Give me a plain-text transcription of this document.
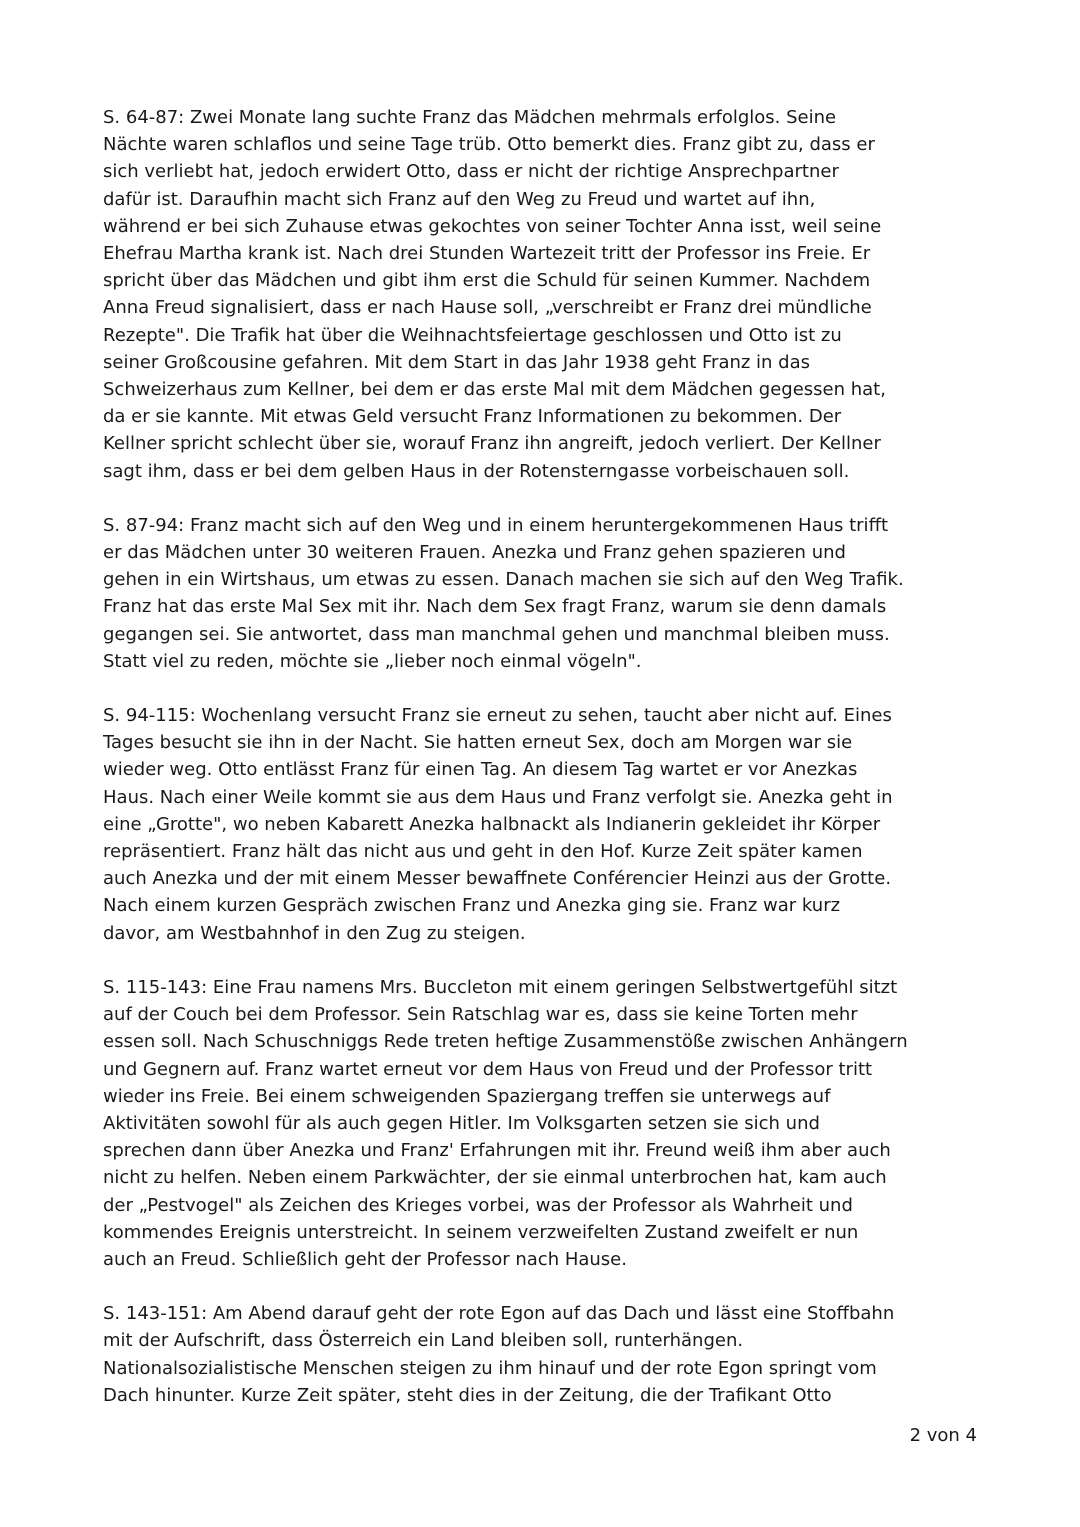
S. 64-87: Zwei Monate lang suchte Franz das Mädchen mehrmals erfolglos. Seine
Nächte waren schlaflos und seine Tage trüb. Otto bemerkt dies. Franz gibt zu, dass er
sich verliebt hat, jedoch erwidert Otto, dass er nicht der richtige Ansprechpartner
dafür ist. Daraufhin macht sich Franz auf den Weg zu Freud und wartet auf ihn,
während er bei sich Zuhause etwas gekochtes von seiner Tochter Anna isst, weil seine
Ehefrau Martha krank ist. Nach drei Stunden Wartezeit tritt der Professor ins Freie. Er
spricht über das Mädchen und gibt ihm erst die Schuld für seinen Kummer. Nachdem
Anna Freud signalisiert, dass er nach Hause soll, „verschreibt er Franz drei mündliche
Rezepte". Die Trafik hat über die Weihnachtsfeiertage geschlossen und Otto ist zu
seiner Großcousine gefahren. Mit dem Start in das Jahr 1938 geht Franz in das
Schweizerhaus zum Kellner, bei dem er das erste Mal mit dem Mädchen gegessen hat,
da er sie kannte. Mit etwas Geld versucht Franz Informationen zu bekommen. Der
Kellner spricht schlecht über sie, worauf Franz ihn angreift, jedoch verliert. Der Kellner
sagt ihm, dass er bei dem gelben Haus in der Rotensterngasse vorbeischauen soll.

S. 87-94: Franz macht sich auf den Weg und in einem heruntergekommenen Haus trifft
er das Mädchen unter 30 weiteren Frauen. Anezka und Franz gehen spazieren und
gehen in ein Wirtshaus, um etwas zu essen. Danach machen sie sich auf den Weg Trafik.
Franz hat das erste Mal Sex mit ihr. Nach dem Sex fragt Franz, warum sie denn damals
gegangen sei. Sie antwortet, dass man manchmal gehen und manchmal bleiben muss.
Statt viel zu reden, möchte sie „lieber noch einmal vögeln".

S. 94-115: Wochenlang versucht Franz sie erneut zu sehen, taucht aber nicht auf. Eines
Tages besucht sie ihn in der Nacht. Sie hatten erneut Sex, doch am Morgen war sie
wieder weg. Otto entlässt Franz für einen Tag. An diesem Tag wartet er vor Anezkas
Haus. Nach einer Weile kommt sie aus dem Haus und Franz verfolgt sie. Anezka geht in
eine „Grotte", wo neben Kabarett Anezka halbnackt als Indianerin gekleidet ihr Körper
repräsentiert. Franz hält das nicht aus und geht in den Hof. Kurze Zeit später kamen
auch Anezka und der mit einem Messer bewaffnete Conférencier Heinzi aus der Grotte.
Nach einem kurzen Gespräch zwischen Franz und Anezka ging sie. Franz war kurz
davor, am Westbahnhof in den Zug zu steigen.

S. 115-143: Eine Frau namens Mrs. Buccleton mit einem geringen Selbstwertgefühl sitzt
auf der Couch bei dem Professor. Sein Ratschlag war es, dass sie keine Torten mehr
essen soll. Nach Schuschniggs Rede treten heftige Zusammenstöße zwischen Anhängern
und Gegnern auf. Franz wartet erneut vor dem Haus von Freud und der Professor tritt
wieder ins Freie. Bei einem schweigenden Spaziergang treffen sie unterwegs auf
Aktivitäten sowohl für als auch gegen Hitler. Im Volksgarten setzen sie sich und
sprechen dann über Anezka und Franz' Erfahrungen mit ihr. Freund weiß ihm aber auch
nicht zu helfen. Neben einem Parkwächter, der sie einmal unterbrochen hat, kam auch
der „Pestvogel" als Zeichen des Krieges vorbei, was der Professor als Wahrheit und
kommendes Ereignis unterstreicht. In seinem verzweifelten Zustand zweifelt er nun
auch an Freud. Schließlich geht der Professor nach Hause.

S. 143-151: Am Abend darauf geht der rote Egon auf das Dach und lässt eine Stoffbahn
mit der Aufschrift, dass Österreich ein Land bleiben soll, runterhängen.
Nationalsozialistische Menschen steigen zu ihm hinauf und der rote Egon springt vom
Dach hinunter. Kurze Zeit später, steht dies in der Zeitung, die der Trafikant Otto

2 von 4
